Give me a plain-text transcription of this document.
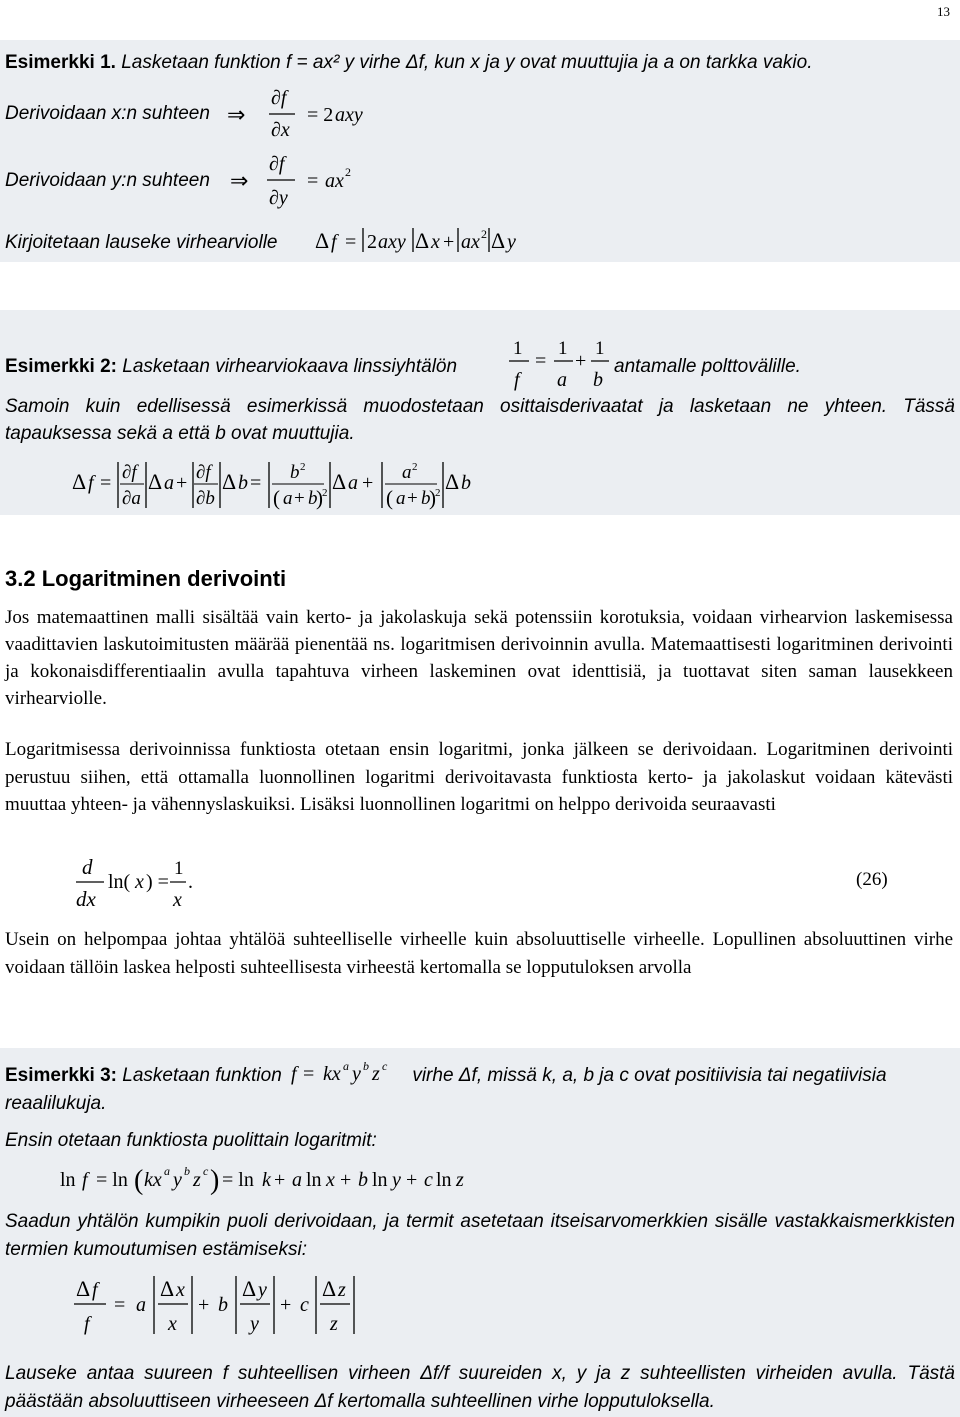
13
Esimerkki 1. Lasketaan funktion f = ax² y virhe Δf, kun x ja y ovat muuttujia ja a on tarkka vakio.
Derivoidaan x:n suhteen ⇒
∂f
∂x
= 2 axy
Derivoidaan y:n suhteen ⇒
∂f
∂y
= ax 2
Kirjoitetaan lauseke virhearviolle Δ f = 2 axy Δ x + ax 2 Δ y
Esimerkki 2: Lasketaan virhearviokaava linssiyhtälön
1
f
=
1
a
+
1
b
antamalle polttovälille.
Samoin kuin edellisessä esimerkissä muodostetaan osittaisderivaatat ja lasketaan ne yhteen. Tässä tapauksessa sekä a että b ovat muuttujia.
Δ f = ∂f
∂a
Δ a + ∂f
∂b
Δ b = b 2
( a + b
) 2 Δ a + a 2
( a + b
) 2 Δ b
3.2 Logaritminen derivointi
Jos matemaattinen malli sisältää vain kerto- ja jakolaskuja sekä potenssiin korotuksia, voidaan virhearvion laskemisessa vaadittavien laskutoimitusten määrää pienentää ns. logaritmisen derivoinnin avulla. Matemaattisesti logaritminen derivointi ja kokonaisdifferentiaalin avulla tapahtuva virheen laskeminen ovat identtisiä, ja tuottavat siten saman lausekkeen virhearviolle.
Logaritmisessa derivoinnissa funktiosta otetaan ensin logaritmi, jonka jälkeen se derivoidaan. Logaritminen derivointi perustuu siihen, että ottamalla luonnollinen logaritmi derivoitavasta funktiosta kerto- ja jakolaskut voidaan kätevästi muuttaa yhteen- ja vähennyslaskuiksi. Lisäksi luonnollinen logaritmi on helppo derivoida seuraavasti
d
dx
ln( x ) =
1
x
.	(26)
Usein on helpompaa johtaa yhtälöä suhteelliselle virheelle kuin absoluuttiselle virheelle. Lopullinen absoluuttinen virhe voidaan tällöin laskea helposti suhteellisesta virheestä kertomalla se lopputuloksen arvolla
Esimerkki 3: Lasketaan funktion f = kx a y b z c virhe Δf, missä k, a, b ja c ovat positiivisia tai negatiivisia reaalilukuja.
Ensin otetaan funktiosta puolittain logaritmit:
ln f = ln ( kx a y b z c ) = ln k + a ln x + b ln y + c ln z
Saadun yhtälön kumpikin puoli derivoidaan, ja termit asetetaan itseisarvomerkkien sisälle vastakkaismerkkisten termien kumoutumisen estämiseksi:
Δ f
f
= a
Δ x
x
+ b
Δ y
y
+ c
Δ z
z
Lauseke antaa suureen f suhteellisen virheen Δf/f suureiden x, y ja z suhteellisten virheiden avulla. Tästä päästään absoluuttiseen virheeseen Δf kertomalla suhteellinen virhe lopputuloksella.
